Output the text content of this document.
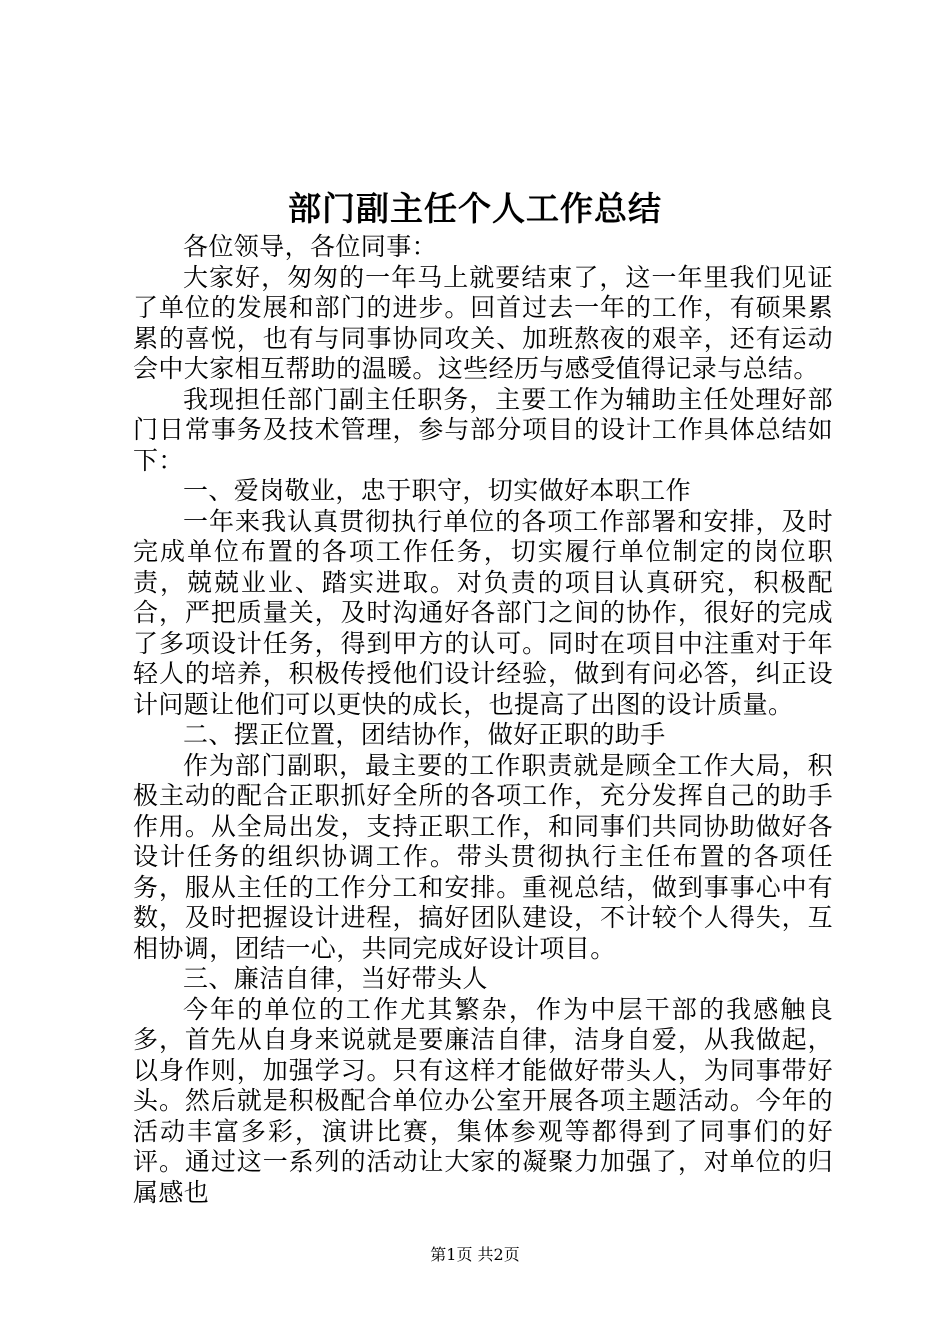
部门副主任个人工作总结

各位领导，各位同事：

大家好，匆匆的一年马上就要结束了，这一年里我们见证了单位的发展和部门的进步。回首过去一年的工作，有硕果累累的喜悦，也有与同事协同攻关、加班熬夜的艰辛，还有运动会中大家相互帮助的温暖。这些经历与感受值得记录与总结。

我现担任部门副主任职务，主要工作为辅助主任处理好部门日常事务及技术管理，参与部分项目的设计工作具体总结如下：

一、爱岗敬业，忠于职守，切实做好本职工作

一年来我认真贯彻执行单位的各项工作部署和安排，及时完成单位布置的各项工作任务，切实履行单位制定的岗位职责，兢兢业业、踏实进取。对负责的项目认真研究，积极配合，严把质量关，及时沟通好各部门之间的协作，很好的完成了多项设计任务，得到甲方的认可。同时在项目中注重对于年轻人的培养，积极传授他们设计经验，做到有问必答，纠正设计问题让他们可以更快的成长，也提高了出图的设计质量。

二、摆正位置，团结协作，做好正职的助手

作为部门副职，最主要的工作职责就是顾全工作大局，积极主动的配合正职抓好全所的各项工作，充分发挥自己的助手作用。从全局出发，支持正职工作，和同事们共同协助做好各设计任务的组织协调工作。带头贯彻执行主任布置的各项任务，服从主任的工作分工和安排。重视总结，做到事事心中有数，及时把握设计进程，搞好团队建设，不计较个人得失，互相协调，团结一心，共同完成好设计项目。

三、廉洁自律，当好带头人

今年的单位的工作尤其繁杂，作为中层干部的我感触良多，首先从自身来说就是要廉洁自律，洁身自爱，从我做起，以身作则，加强学习。只有这样才能做好带头人，为同事带好头。然后就是积极配合单位办公室开展各项主题活动。今年的活动丰富多彩，演讲比赛，集体参观等都得到了同事们的好评。通过这一系列的活动让大家的凝聚力加强了，对单位的归属感也

第1页 共2页
